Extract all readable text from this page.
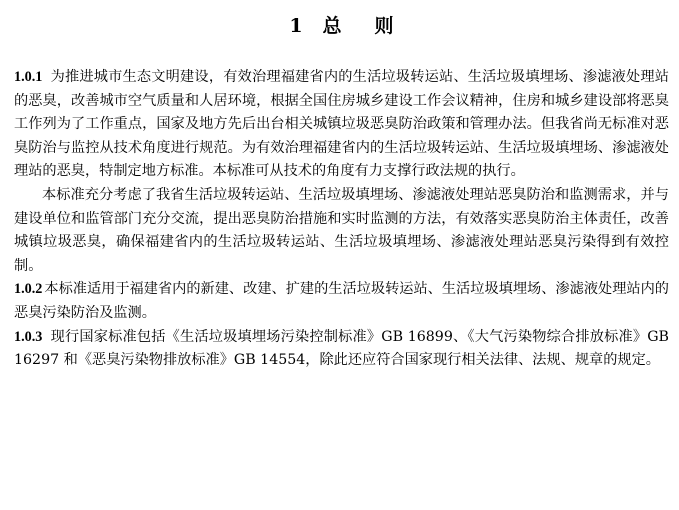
1   总     则

1.0.1 为推进城市生态文明建设，有效治理福建省内的生活垃圾转运站、生活垃圾填埋场、渗滤液处理站的恶臭，改善城市空气质量和人居环境，根据全国住房城乡建设工作会议精神，住房和城乡建设部将恶臭工作列为了工作重点，国家及地方先后出台相关城镇垃圾恶臭防治政策和管理办法。但我省尚无标准对恶臭防治与监控从技术角度进行规范。为有效治理福建省内的生活垃圾转运站、生活垃圾填埋场、渗滤液处理站的恶臭，特制定地方标准。本标准可从技术的角度有力支撑行政法规的执行。

本标准充分考虑了我省生活垃圾转运站、生活垃圾填埋场、渗滤液处理站恶臭防治和监测需求，并与建设单位和监管部门充分交流，提出恶臭防治措施和实时监测的方法，有效落实恶臭防治主体责任，改善城镇垃圾恶臭，确保福建省内的生活垃圾转运站、生活垃圾填埋场、渗滤液处理站恶臭污染得到有效控制。

1.0.2 本标准适用于福建省内的新建、改建、扩建的生活垃圾转运站、生活垃圾填埋场、渗滤液处理站内的恶臭污染防治及监测。

1.0.3 现行国家标准包括《生活垃圾填埋场污染控制标准》GB 16899、《大气污染物综合排放标准》GB 16297 和《恶臭污染物排放标准》GB 14554，除此还应符合国家现行相关法律、法规、规章的规定。
